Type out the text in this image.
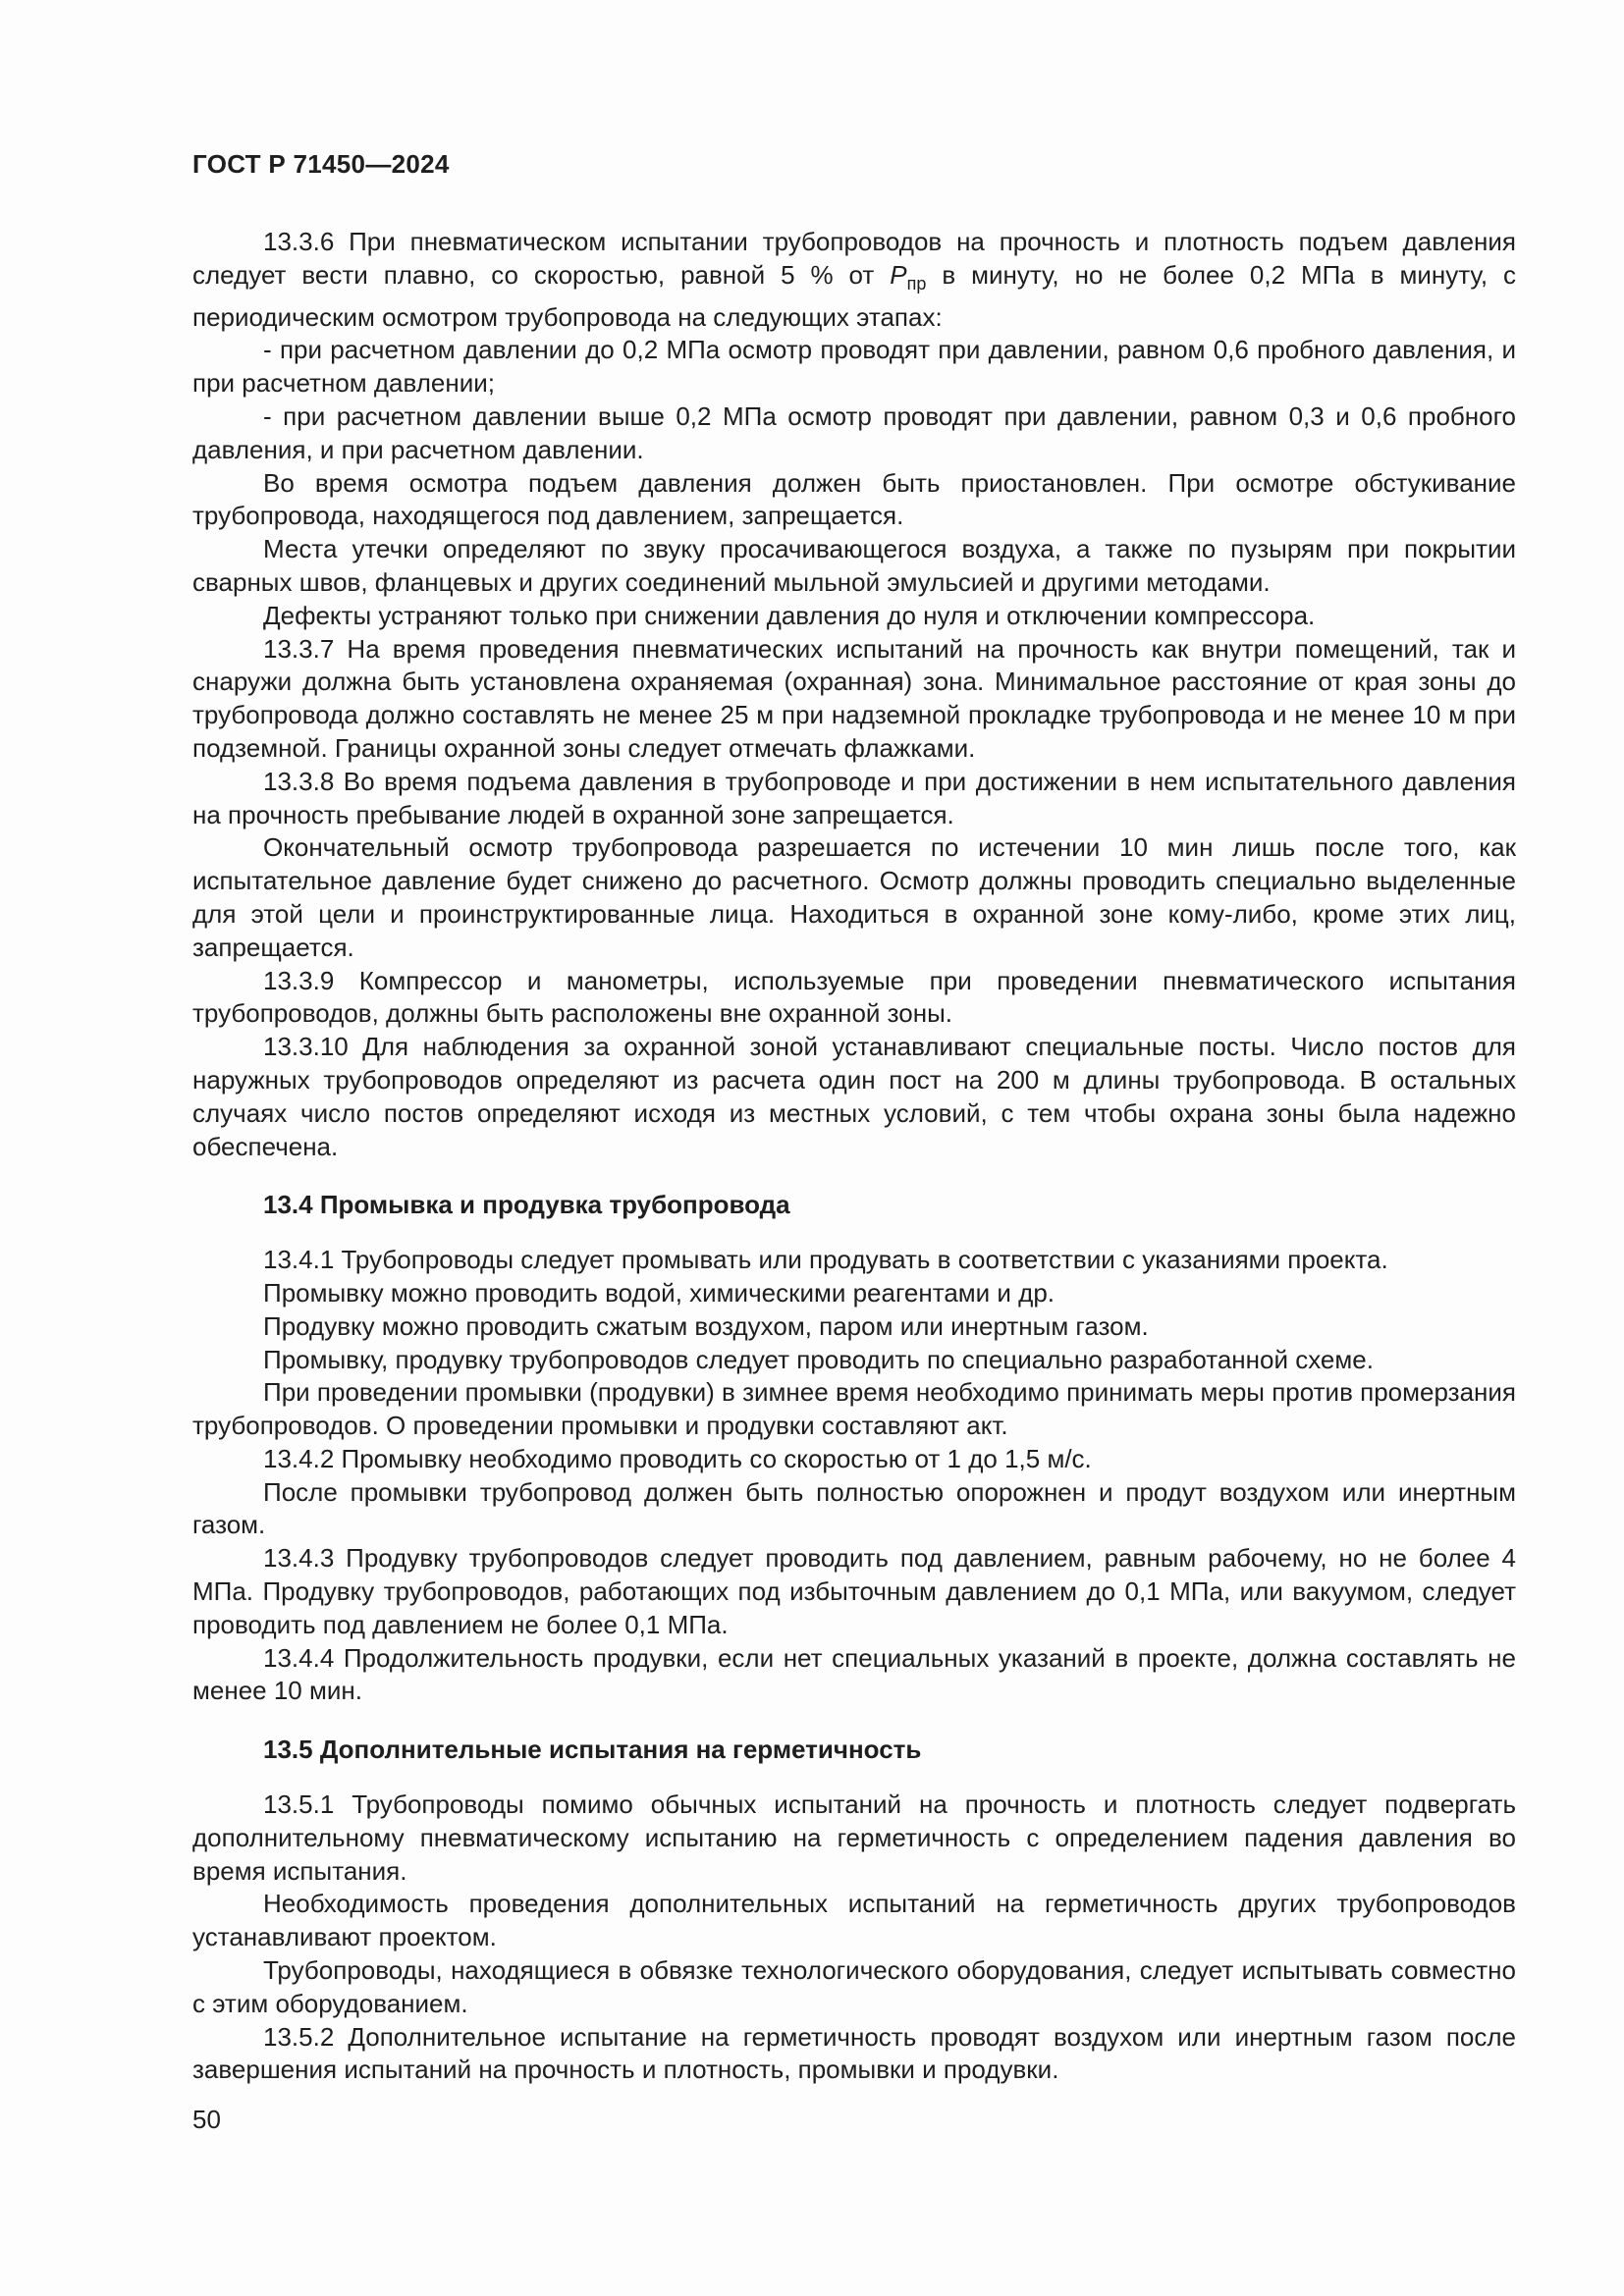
ГОСТ Р 71450—2024

13.3.6 При пневматическом испытании трубопроводов на прочность и плотность подъем давления следует вести плавно, со скоростью, равной 5 % от $P_{пр}$ в минуту, но не более 0,2 МПа в минуту, с периодическим осмотром трубопровода на следующих этапах:

- при расчетном давлении до 0,2 МПа осмотр проводят при давлении, равном 0,6 пробного давления, и при расчетном давлении;

- при расчетном давлении выше 0,2 МПа осмотр проводят при давлении, равном 0,3 и 0,6 пробного давления, и при расчетном давлении.

Во время осмотра подъем давления должен быть приостановлен. При осмотре обстукивание трубопровода, находящегося под давлением, запрещается.

Места утечки определяют по звуку просачивающегося воздуха, а также по пузырям при покрытии сварных швов, фланцевых и других соединений мыльной эмульсией и другими методами.

Дефекты устраняют только при снижении давления до нуля и отключении компрессора.

13.3.7 На время проведения пневматических испытаний на прочность как внутри помещений, так и снаружи должна быть установлена охраняемая (охранная) зона. Минимальное расстояние от края зоны до трубопровода должно составлять не менее 25 м при надземной прокладке трубопровода и не менее 10 м при подземной. Границы охранной зоны следует отмечать флажками.

13.3.8 Во время подъема давления в трубопроводе и при достижении в нем испытательного давления на прочность пребывание людей в охранной зоне запрещается.

Окончательный осмотр трубопровода разрешается по истечении 10 мин лишь после того, как испытательное давление будет снижено до расчетного. Осмотр должны проводить специально выделенные для этой цели и проинструктированные лица. Находиться в охранной зоне кому-либо, кроме этих лиц, запрещается.

13.3.9 Компрессор и манометры, используемые при проведении пневматического испытания трубопроводов, должны быть расположены вне охранной зоны.

13.3.10 Для наблюдения за охранной зоной устанавливают специальные посты. Число постов для наружных трубопроводов определяют из расчета один пост на 200 м длины трубопровода. В остальных случаях число постов определяют исходя из местных условий, с тем чтобы охрана зоны была надежно обеспечена.

13.4 Промывка и продувка трубопровода

13.4.1 Трубопроводы следует промывать или продувать в соответствии с указаниями проекта.

Промывку можно проводить водой, химическими реагентами и др.

Продувку можно проводить сжатым воздухом, паром или инертным газом.

Промывку, продувку трубопроводов следует проводить по специально разработанной схеме.

При проведении промывки (продувки) в зимнее время необходимо принимать меры против промерзания трубопроводов. О проведении промывки и продувки составляют акт.

13.4.2 Промывку необходимо проводить со скоростью от 1 до 1,5 м/с.

После промывки трубопровод должен быть полностью опорожнен и продут воздухом или инертным газом.

13.4.3 Продувку трубопроводов следует проводить под давлением, равным рабочему, но не более 4 МПа. Продувку трубопроводов, работающих под избыточным давлением до 0,1 МПа, или вакуумом, следует проводить под давлением не более 0,1 МПа.

13.4.4 Продолжительность продувки, если нет специальных указаний в проекте, должна составлять не менее 10 мин.

13.5 Дополнительные испытания на герметичность

13.5.1 Трубопроводы помимо обычных испытаний на прочность и плотность следует подвергать дополнительному пневматическому испытанию на герметичность с определением падения давления во время испытания.

Необходимость проведения дополнительных испытаний на герметичность других трубопроводов устанавливают проектом.

Трубопроводы, находящиеся в обвязке технологического оборудования, следует испытывать совместно с этим оборудованием.

13.5.2 Дополнительное испытание на герметичность проводят воздухом или инертным газом после завершения испытаний на прочность и плотность, промывки и продувки.

50
